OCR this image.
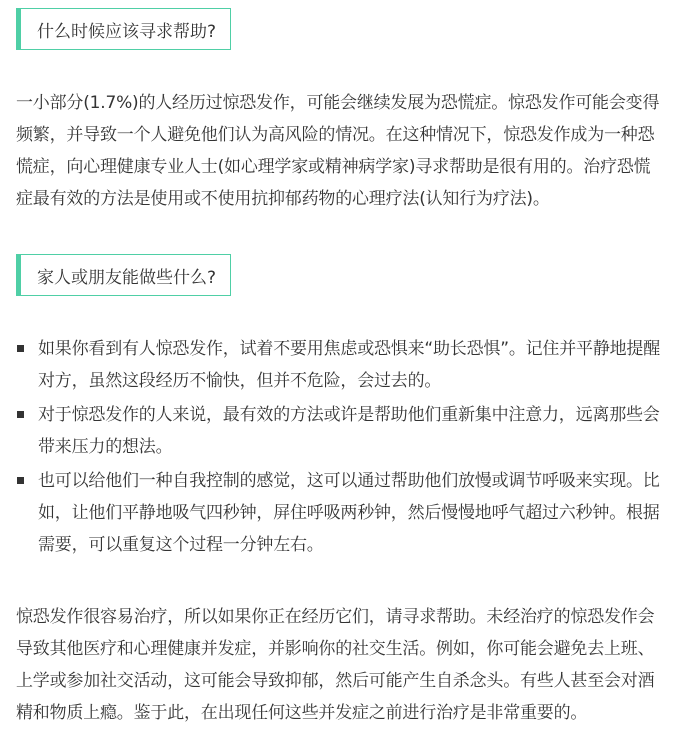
什么时候应该寻求帮助?

一小部分(1.7%)的人经历过惊恐发作，可能会继续发展为恐慌症。惊恐发作可能会变得频繁，并导致一个人避免他们认为高风险的情况。在这种情况下，惊恐发作成为一种恐慌症，向心理健康专业人士(如心理学家或精神病学家)寻求帮助是很有用的。治疗恐慌症最有效的方法是使用或不使用抗抑郁药物的心理疗法(认知行为疗法)。

家人或朋友能做些什么?
如果你看到有人惊恐发作，试着不要用焦虑或恐惧来“助长恐惧”。记住并平静地提醒对方，虽然这段经历不愉快，但并不危险，会过去的。
对于惊恐发作的人来说，最有效的方法或许是帮助他们重新集中注意力，远离那些会带来压力的想法。
也可以给他们一种自我控制的感觉，这可以通过帮助他们放慢或调节呼吸来实现。比如，让他们平静地吸气四秒钟，屏住呼吸两秒钟，然后慢慢地呼气超过六秒钟。根据需要，可以重复这个过程一分钟左右。

惊恐发作很容易治疗，所以如果你正在经历它们，请寻求帮助。未经治疗的惊恐发作会导致其他医疗和心理健康并发症，并影响你的社交生活。例如，你可能会避免去上班、上学或参加社交活动，这可能会导致抑郁，然后可能产生自杀念头。有些人甚至会对酒精和物质上瘾。鉴于此，在出现任何这些并发症之前进行治疗是非常重要的。
